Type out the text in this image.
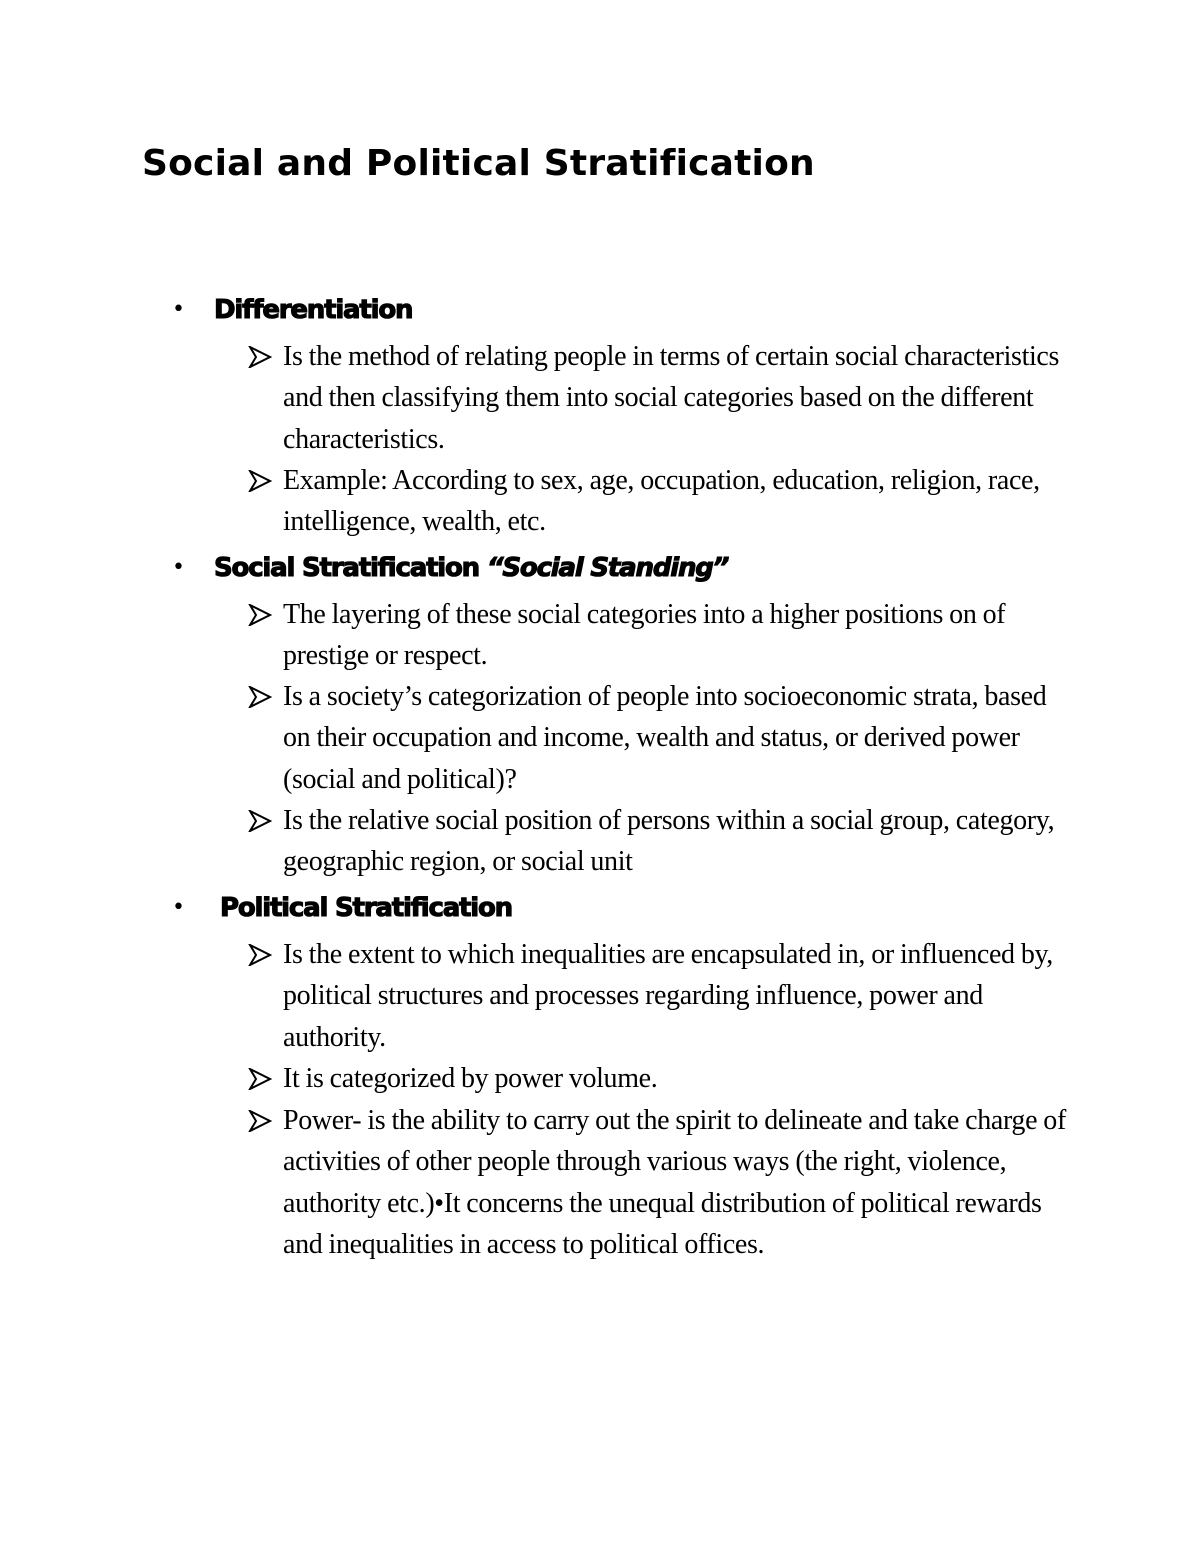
Social and Political Stratification
• Differentiation

Is the method of relating people in terms of certain social characteristics and then classifying them into social categories based on the different characteristics.

Example: According to sex, age, occupation, education, religion, race, intelligence, wealth, etc.

• Social Stratification “Social Standing”

The layering of these social categories into a higher positions on of prestige or respect.

Is a society’s categorization of people into socioeconomic strata, based on their occupation and income, wealth and status, or derived power (social and political)?

Is the relative social position of persons within a social group, category, geographic region, or social unit

• Political Stratification

Is the extent to which inequalities are encapsulated in, or influenced by, political structures and processes regarding influence, power and authority.

It is categorized by power volume.

Power- is the ability to carry out the spirit to delineate and take charge of activities of other people through various ways (the right, violence, authority etc.)•It concerns the unequal distribution of political rewards and inequalities in access to political offices.
